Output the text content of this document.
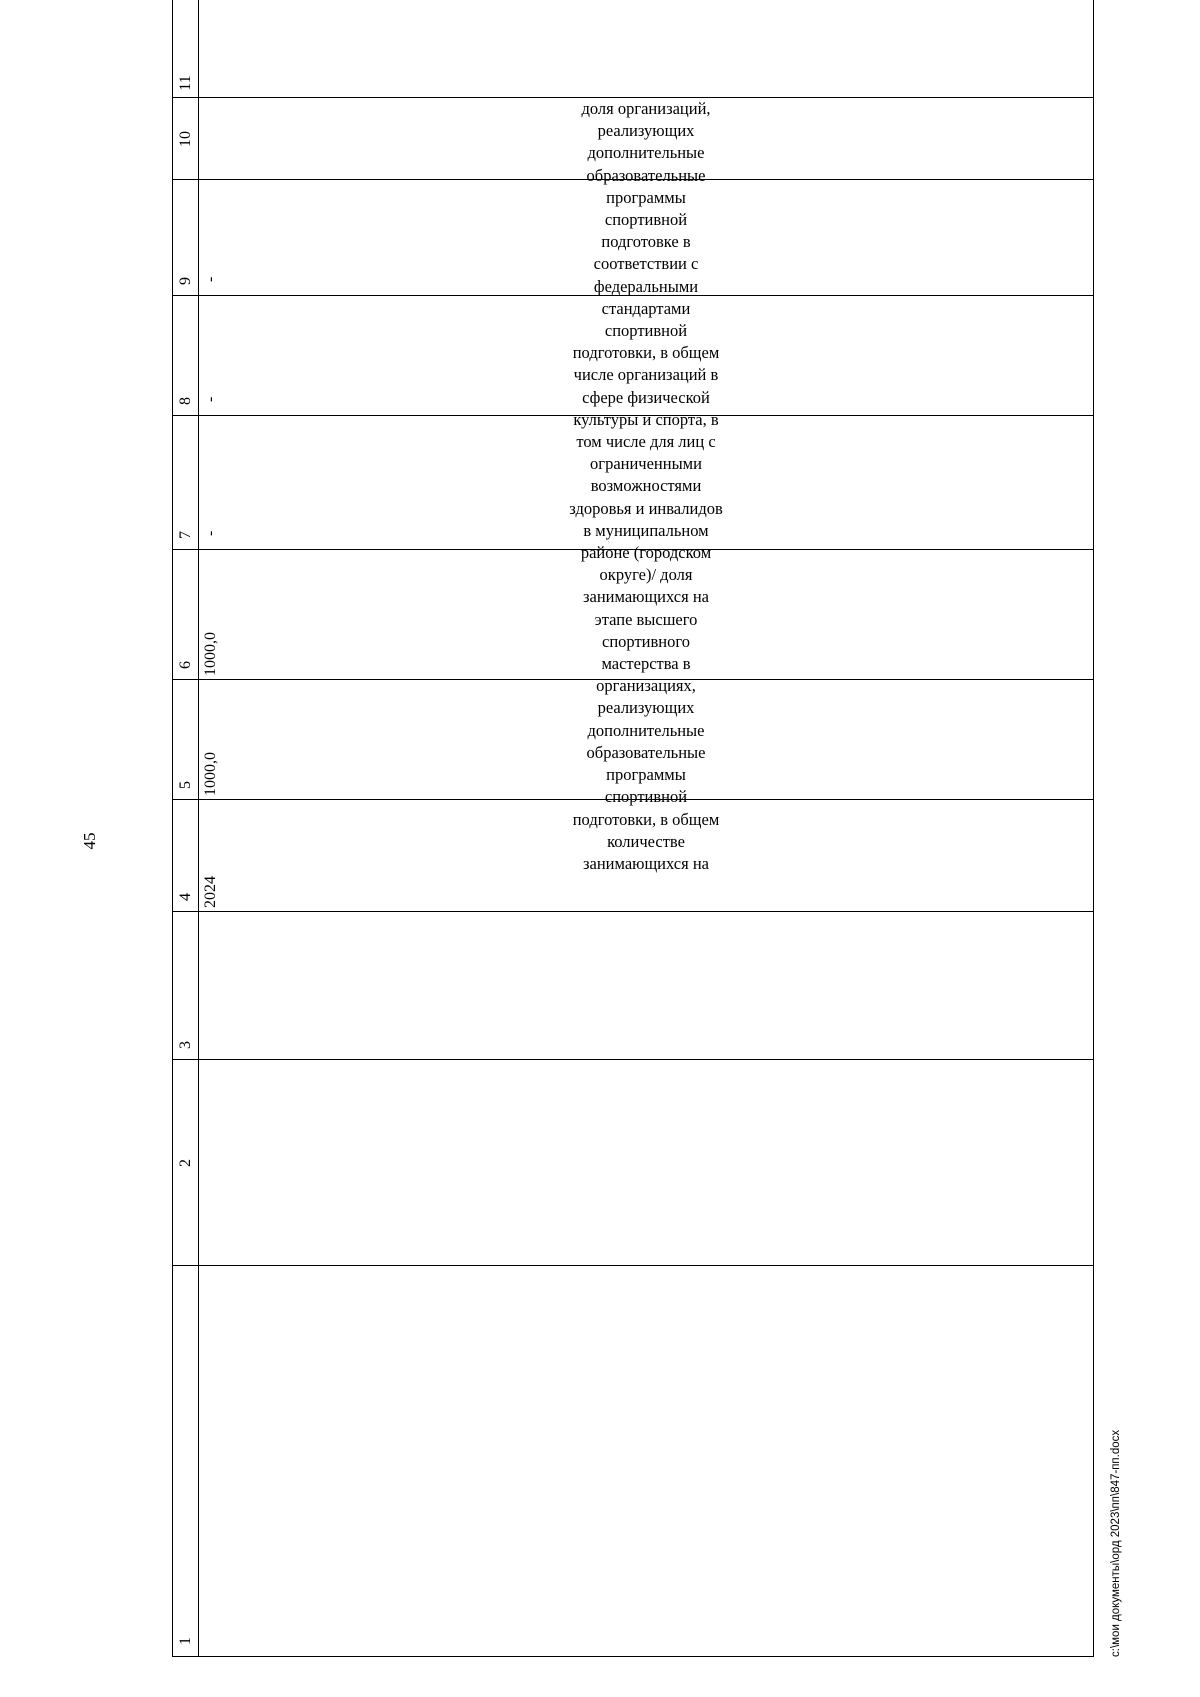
45
1
2
3
4
5
6
7
8
9
10
11
2024
1000,0
1000,0
-
-
-
доля организаций,
реализующих
дополнительные
образовательные
программы
спортивной
подготовке в
соответствии с
федеральными
стандартами
спортивной
подготовки, в общем
числе организаций в
сфере физической
культуры и спорта, в
том числе для лиц с
ограниченными
возможностями
здоровья и инвалидов
в муниципальном
районе (городском
округе)/ доля
занимающихся на
этапе высшего
спортивного
мастерства в
организациях,
реализующих
дополнительные
образовательные
программы
спортивной
подготовки, в общем
количестве
занимающихся на
c:\мои документы\орд 2023\пп\847-пп.docx
